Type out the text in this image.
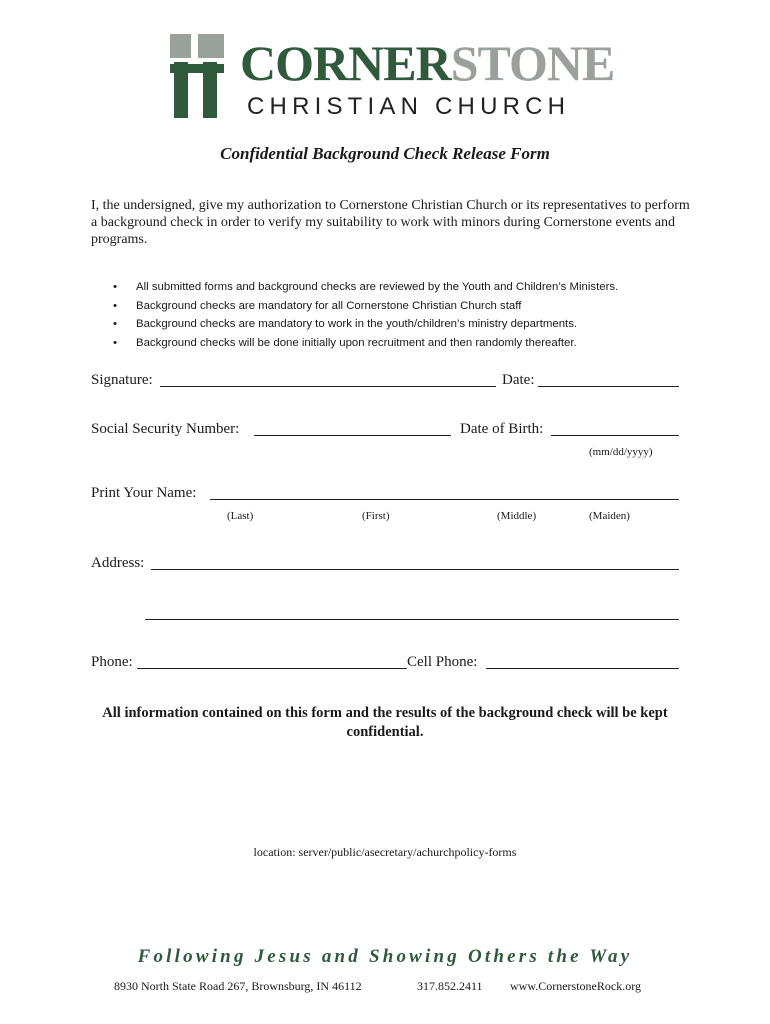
CORNERSTONE
CHRISTIAN CHURCH
Confidential Background Check Release Form
I, the undersigned, give my authorization to Cornerstone Christian Church or its representatives to perform a background check in order to verify my suitability to work with minors during Cornerstone events and programs.
• All submitted forms and background checks are reviewed by the Youth and Children’s Ministers.
• Background checks are mandatory for all Cornerstone Christian Church staff
• Background checks are mandatory to work in the youth/children’s ministry departments.
• Background checks will be done initially upon recruitment and then randomly thereafter.
Signature:	Date:
Social Security Number:	Date of Birth:
(mm/dd/yyyy)
Print Your Name:
(Last)	(First)	(Middle)	(Maiden)
Address:
Phone:	Cell Phone:
All information contained on this form and the results of the background check will be kept confidential.
location: server/public/asecretary/achurchpolicy-forms
Following Jesus and Showing Others the Way
8930 North State Road 267, Brownsburg, IN 46112	317.852.2411 www.CornerstoneRock.org
